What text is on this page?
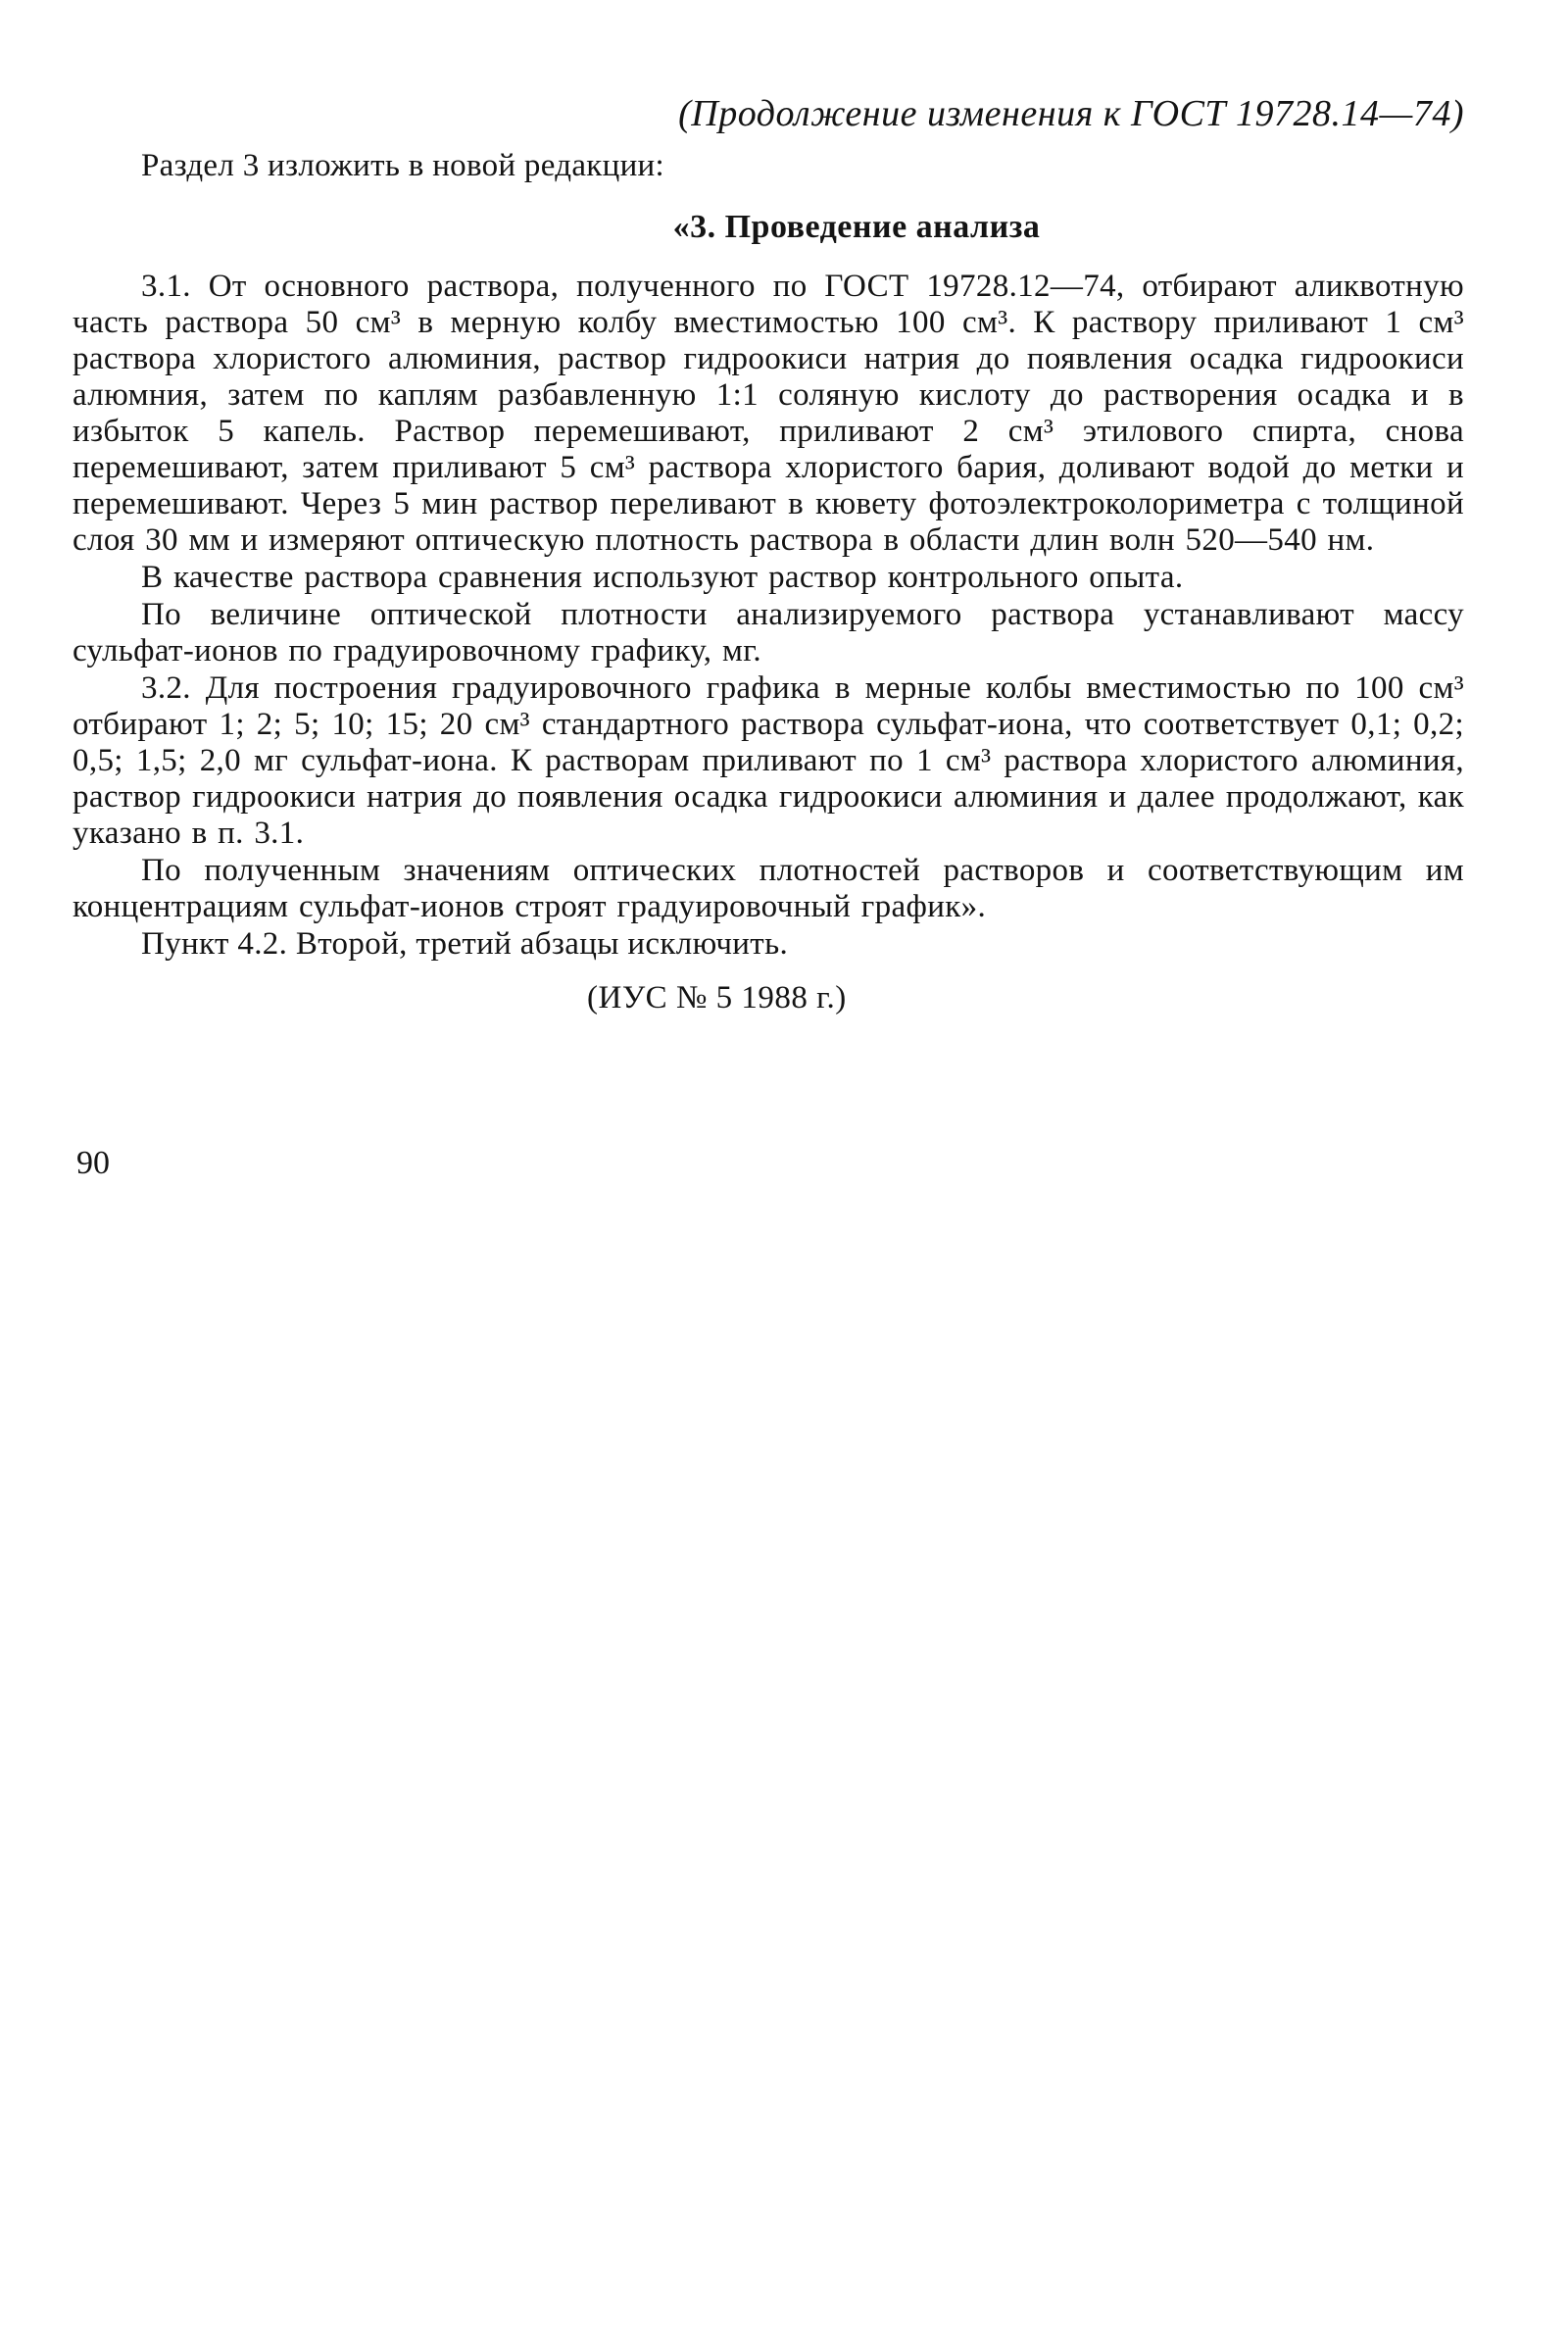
(Продолжение изменения к ГОСТ 19728.14—74)
Раздел 3 изложить в новой редакции:
«3. Проведение анализа
3.1. От основного раствора, полученного по ГОСТ 19728.12—74, отбирают аликвотную часть раствора 50 см³ в мерную колбу вместимостью 100 см³. К раствору приливают 1 см³ раствора хлористого алюминия, раствор гидроокиси натрия до появления осадка гидроокиси алюмния, затем по каплям разбавленную 1:1 соляную кислоту до растворения осадка и в избыток 5 капель. Раствор перемешивают, приливают 2 см³ этилового спирта, снова перемешивают, затем приливают 5 см³ раствора хлористого бария, доливают водой до метки и перемешивают. Через 5 мин раствор переливают в кювету фотоэлектроколориметра с толщиной слоя 30 мм и измеряют оптическую плотность раствора в области длин волн 520—540 нм.
В качестве раствора сравнения используют раствор контрольного опыта.
По величине оптической плотности анализируемого раствора устанавливают массу сульфат-ионов по градуировочному графику, мг.
3.2. Для построения градуировочного графика в мерные колбы вместимостью по 100 см³ отбирают 1; 2; 5; 10; 15; 20 см³ стандартного раствора сульфат-иона, что соответствует 0,1; 0,2; 0,5; 1,5; 2,0 мг сульфат-иона. К растворам приливают по 1 см³ раствора хлористого алюминия, раствор гидроокиси натрия до появления осадка гидроокиси алюминия и далее продолжают, как указано в п. 3.1.
По полученным значениям оптических плотностей растворов и соответствующим им концентрациям сульфат-ионов строят градуировочный график».
Пункт 4.2. Второй, третий абзацы исключить.
(ИУС № 5 1988 г.)
90
